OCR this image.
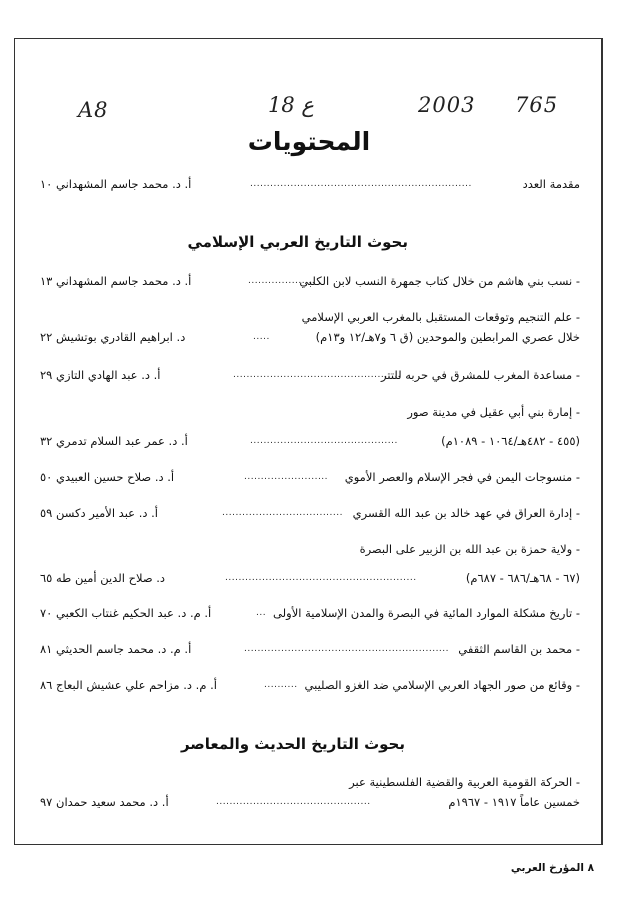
765
2003
ع 18
A8
المحتويات
مقدمة العدد
..................................................................
أ. د. محمد جاسم المشهداني ١٠
بحوث التاريخ العربي الإسلامي
- نسب بني هاشم من خلال كتاب جمهرة النسب لابن الكلبي
....................
أ. د. محمد جاسم المشهداني ١٣
- علم التنجيم وتوقعات المستقبل بالمغرب العربي الإسلامي
خلال عصري المرابطين والموحدين (ق ٦ و٧هـ/١٢ و١٣م)
.....
د. ابراهيم القادري بوتشيش ٢٢
- مساعدة المغرب للمشرق في حربه للتتر
..................................................
أ. د. عبد الهادي التازي ٢٩
- إمارة بني أبي عقيل في مدينة صور
(٤٥٥ - ٤٨٢هـ/١٠٦٤ - ١٠٨٩م)
............................................
أ. د. عمر عبد السلام تدمري ٣٢
- منسوجات اليمن في فجر الإسلام والعصر الأموي
.........................
أ. د. صلاح حسين العبيدي ٥٠
- إدارة العراق في عهد خالد بن عبد الله القسري
....................................
أ. د. عبد الأمير دكسن ٥٩
- ولاية حمزة بن عبد الله بن الزبير على البصرة
(٦٧ - ٦٨هـ/٦٨٦ - ٦٨٧م)
.........................................................
د. صلاح الدين أمين طه ٦٥
- تاريخ مشكلة الموارد المائية في البصرة والمدن الإسلامية الأولى
...
أ. م. د. عبد الحكيم غنتاب الكعبي ٧٠
- محمد بن القاسم الثقفي
.............................................................
أ. م. د. محمد جاسم الحديثي ٨١
- وقائع من صور الجهاد العربي الإسلامي ضد الغزو الصليبي
..........
أ. م. د. مزاحم علي عشيش البعاج ٨٦
بحوث التاريخ الحديث والمعاصر
- الحركة القومية العربية والقضية الفلسطينية عبر
خمسين عاماً ١٩١٧ - ١٩٦٧م
..............................................
أ. د. محمد سعيد حمدان ٩٧
٨ المؤرخ العربي
